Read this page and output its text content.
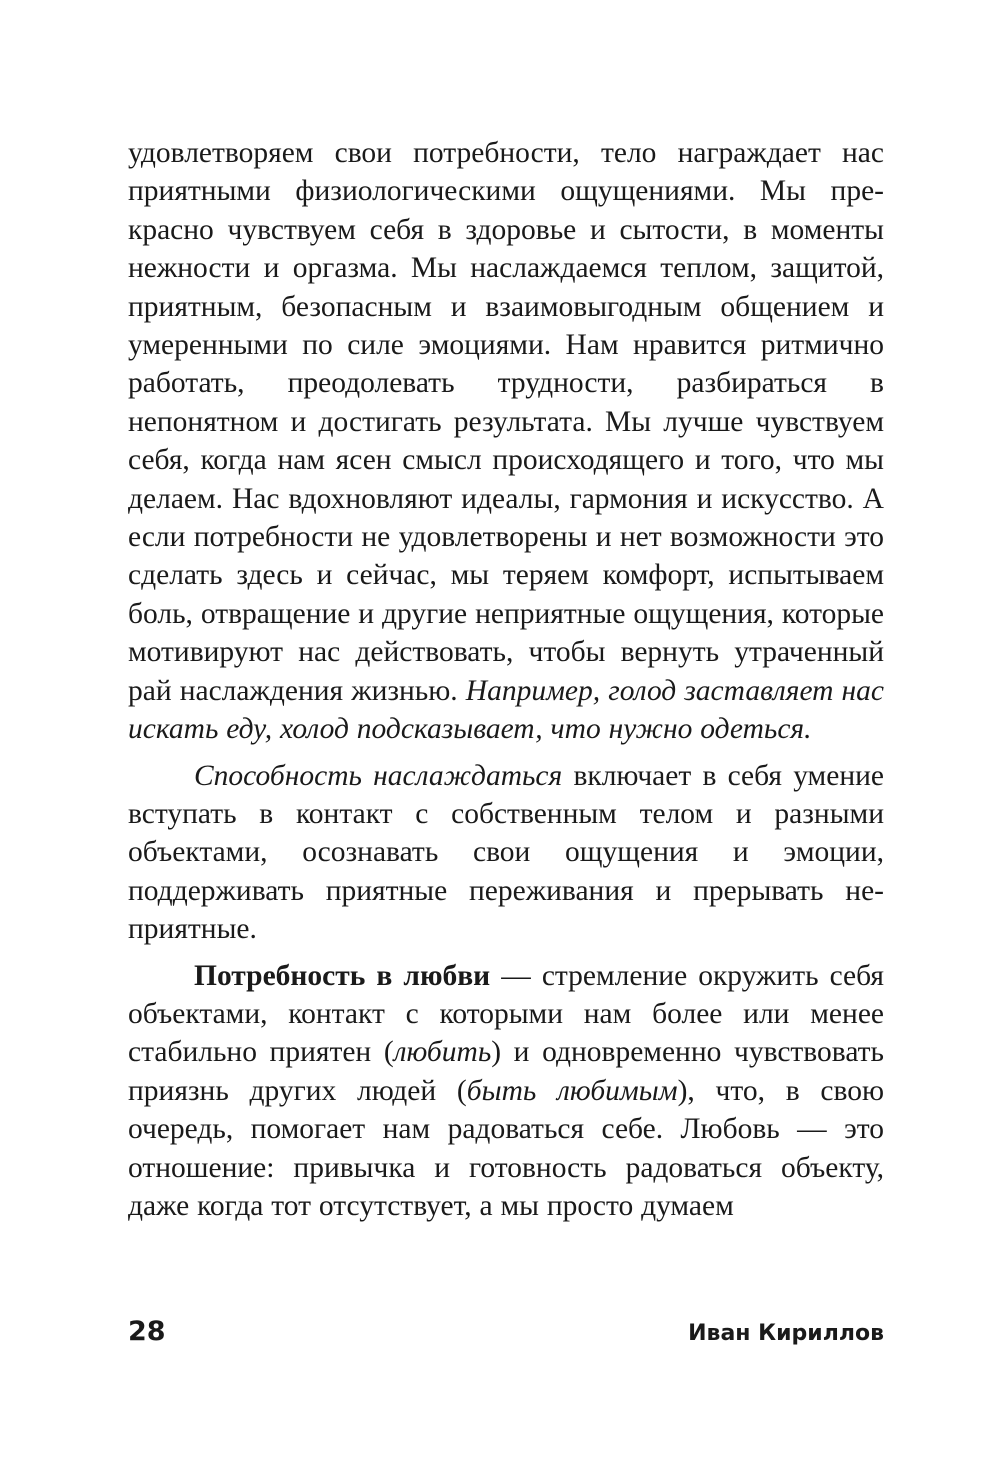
удовлетворяем свои потребности, тело награждает нас приятными физиологическими ощущениями. Мы прекрасно чувствуем себя в здоровье и сытости, в моменты нежности и оргазма. Мы наслаждаемся теплом, защитой, приятным, безопасным и взаимовыгодным общением и умеренными по силе эмоциями. Нам нравится ритмично работать, преодолевать трудности, разбираться в непонятном и достигать результата. Мы лучше чувствуем себя, когда нам ясен смысл происходящего и того, что мы делаем. Нас вдохновляют идеалы, гармония и искусство. А если потребности не удовлетворены и нет возможности это сделать здесь и сейчас, мы теряем комфорт, испытываем боль, отвращение и другие неприятные ощущения, которые мотивируют нас действовать, чтобы вернуть утраченный рай наслаждения жизнью. Например, голод заставляет нас искать еду, холод подсказывает, что нужно одеться.

Способность наслаждаться включает в себя умение вступать в контакт с собственным телом и разными объектами, осознавать свои ощущения и эмоции, поддерживать приятные переживания и прерывать неприятные.

Потребность в любви — стремление окружить себя объектами, контакт с которыми нам более или менее стабильно приятен (любить) и одновременно чувствовать приязнь других людей (быть любимым), что, в свою очередь, помогает нам радоваться себе. Любовь — это отношение: привычка и готовность радоваться объекту, даже когда тот отсутствует, а мы просто думаем

28	Иван Кириллов
